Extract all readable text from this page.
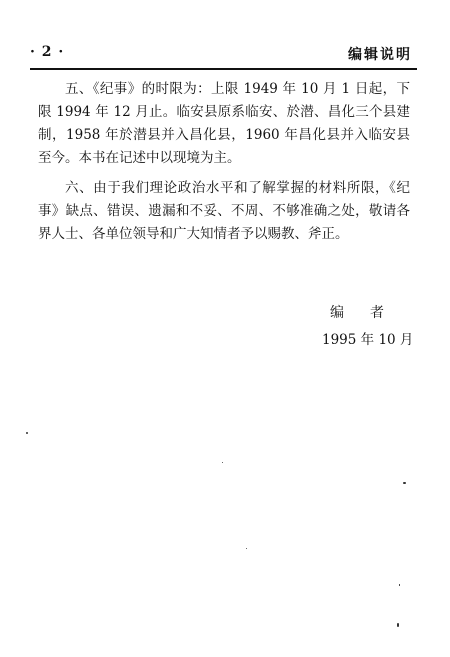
· 2 ·	编辑说明

五、《纪事》的时限为：上限 1949 年 10 月 1 日起，下限 1994 年 12 月止。临安县原系临安、於潜、昌化三个县建制，1958 年於潜县并入昌化县，1960 年昌化县并入临安县至今。本书在记述中以现境为主。

六、由于我们理论政治水平和了解掌握的材料所限，《纪事》缺点、错误、遗漏和不妥、不周、不够准确之处，敬请各界人士、各单位领导和广大知情者予以赐教、斧正。

编　者
1995 年 10 月
